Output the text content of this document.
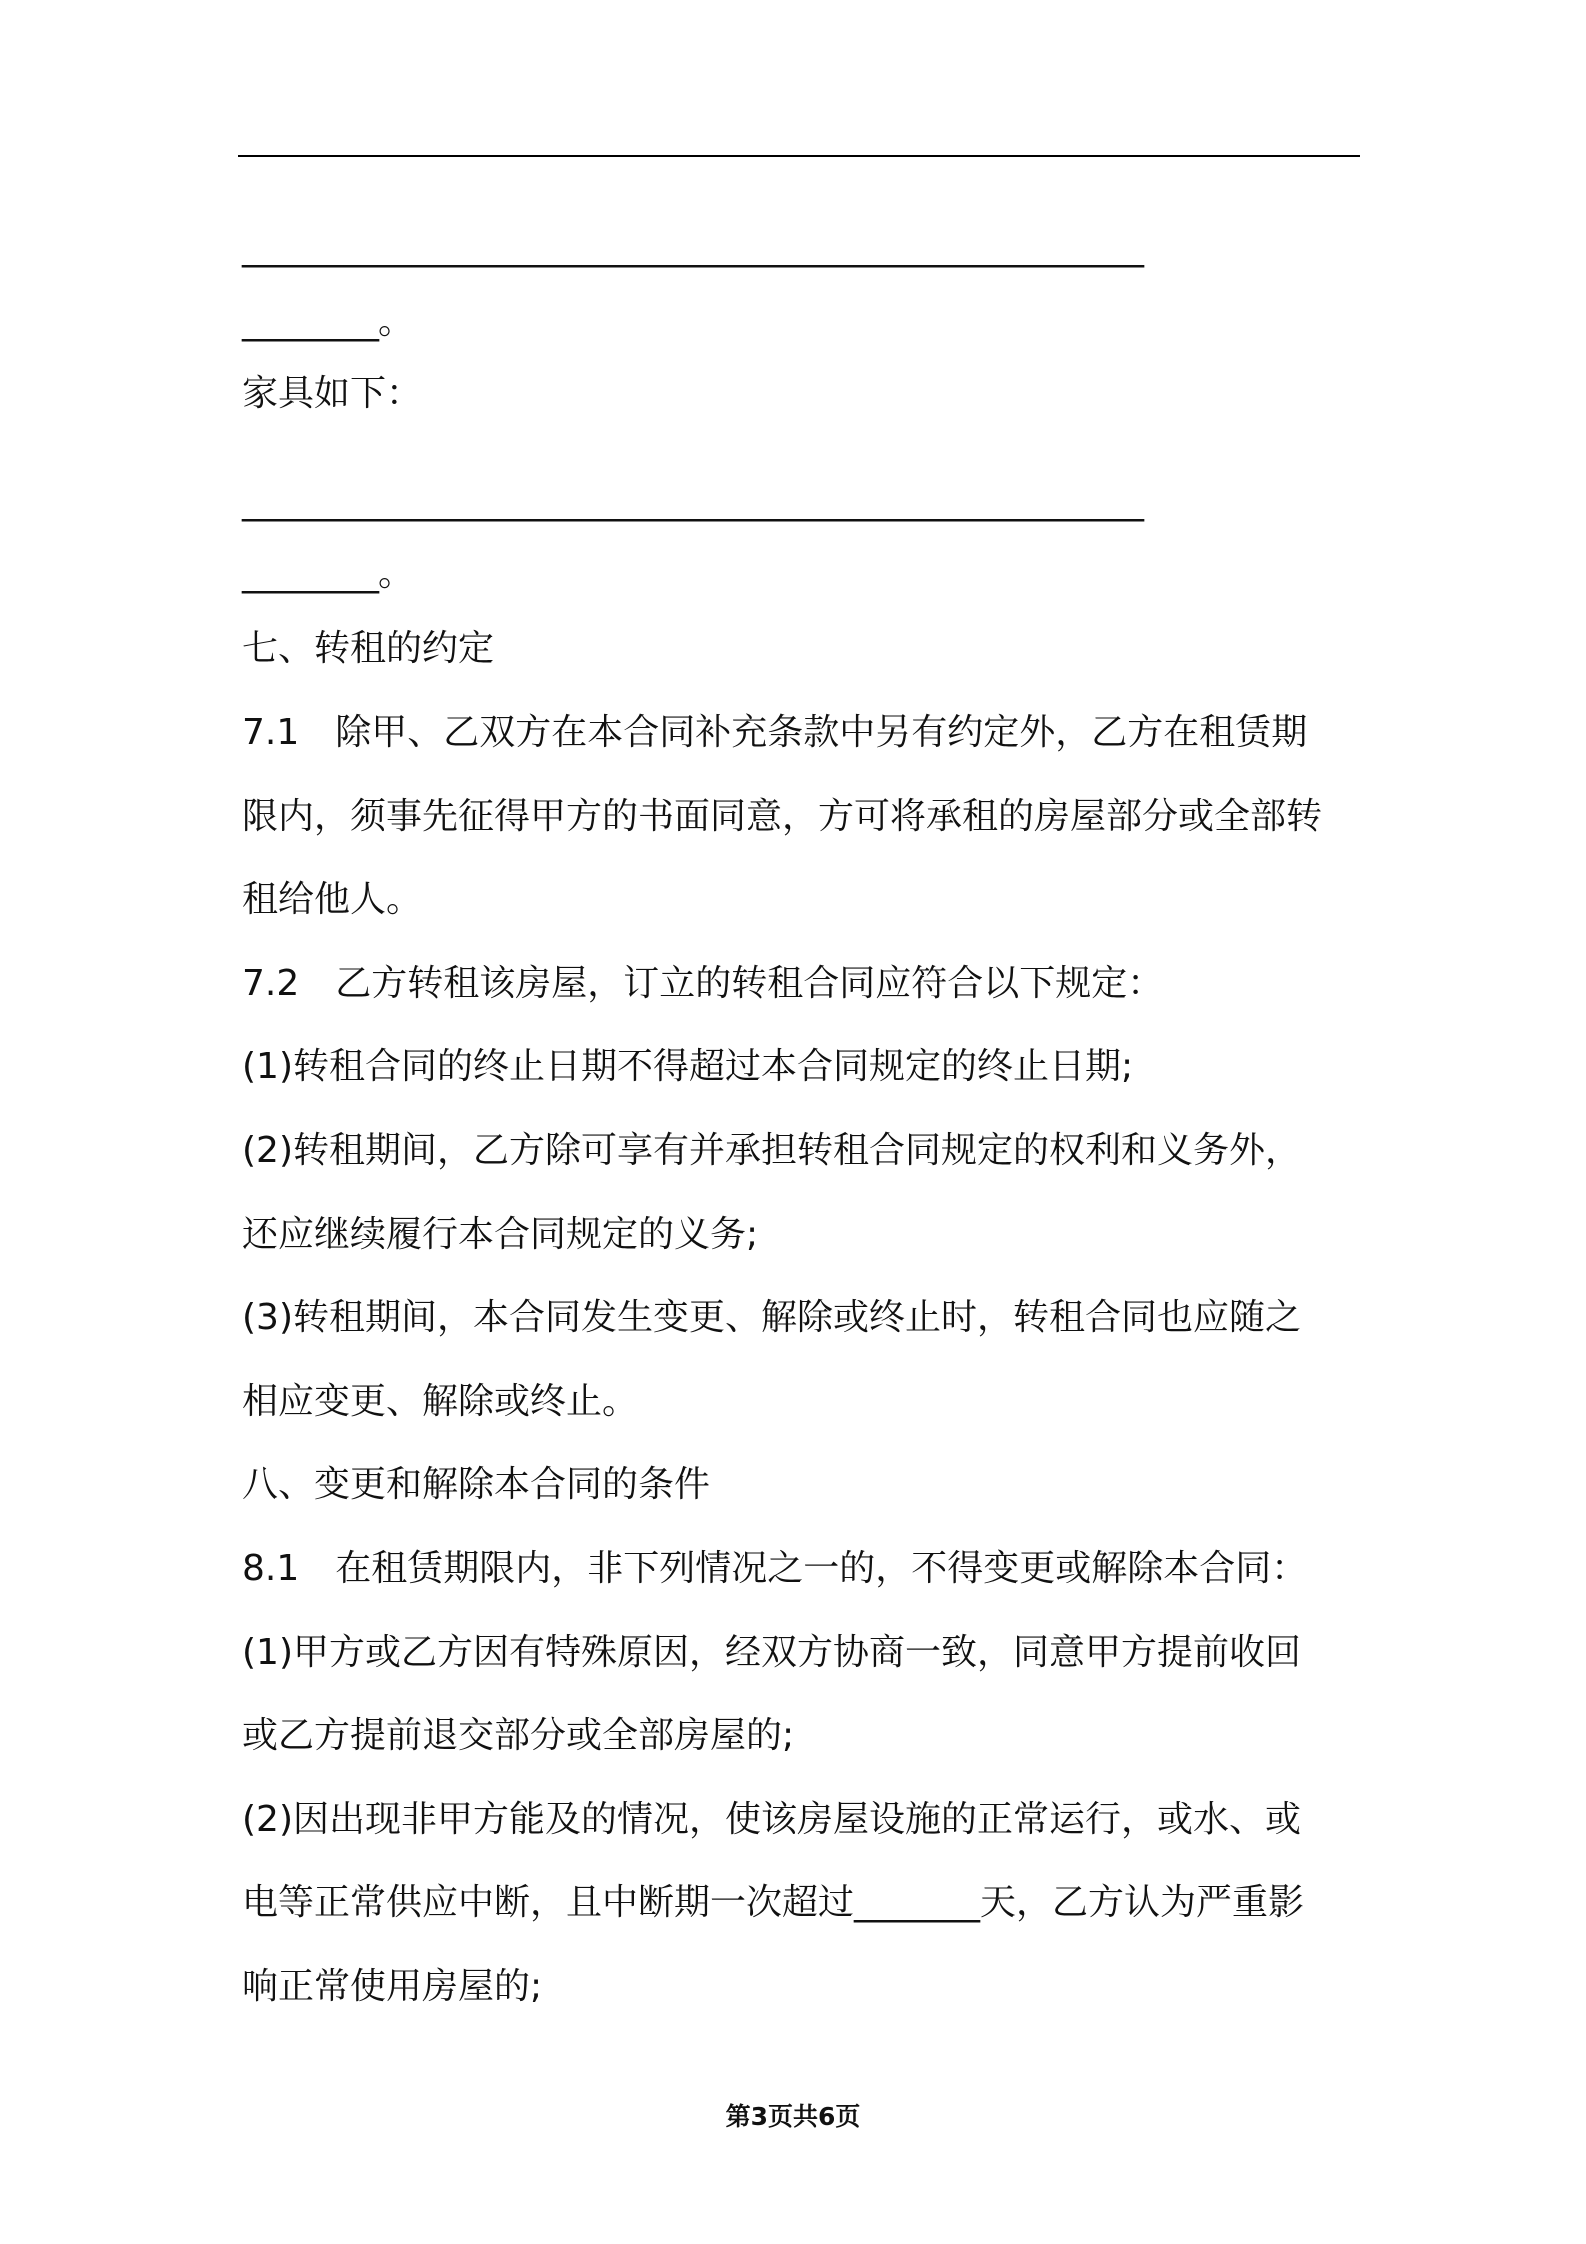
_____________________________________________________
________。
家具如下：
_____________________________________________________
________。
七、转租的约定
7.1　除甲、乙双方在本合同补充条款中另有约定外，乙方在租赁期
限内，须事先征得甲方的书面同意，方可将承租的房屋部分或全部转
租给他人。
7.2　乙方转租该房屋，订立的转租合同应符合以下规定：
(1)转租合同的终止日期不得超过本合同规定的终止日期;
(2)转租期间，乙方除可享有并承担转租合同规定的权利和义务外，
还应继续履行本合同规定的义务;
(3)转租期间，本合同发生变更、解除或终止时，转租合同也应随之
相应变更、解除或终止。
八、变更和解除本合同的条件
8.1　在租赁期限内，非下列情况之一的，不得变更或解除本合同：
(1)甲方或乙方因有特殊原因，经双方协商一致，同意甲方提前收回
或乙方提前退交部分或全部房屋的;
(2)因出现非甲方能及的情况，使该房屋设施的正常运行，或水、或
电等正常供应中断，且中断期一次超过_______天，乙方认为严重影
响正常使用房屋的;
第3页共6页
